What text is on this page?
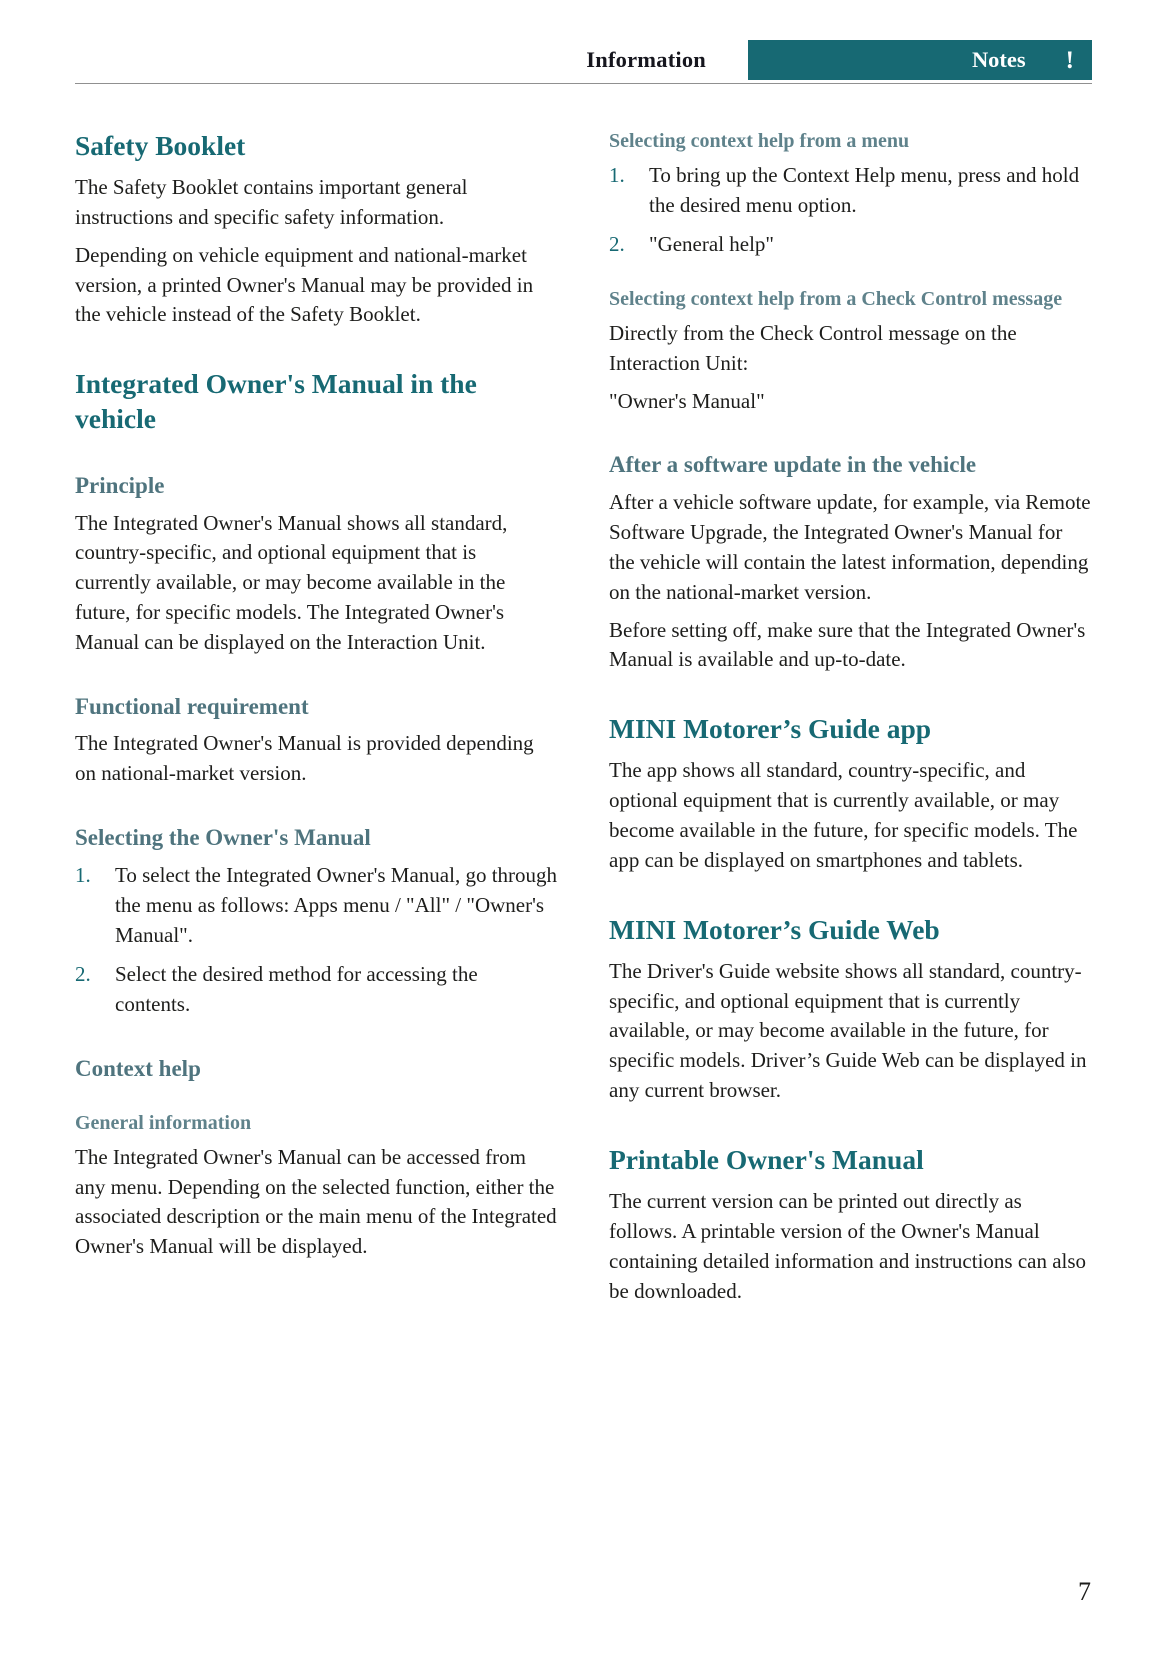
Information	Notes !
Safety Booklet

The Safety Booklet contains important general instructions and specific safety information.

Depending on vehicle equipment and national-market version, a printed Owner's Manual may be provided in the vehicle instead of the Safety Booklet.

Integrated Owner's Manual in the vehicle
Principle

The Integrated Owner's Manual shows all standard, country-specific, and optional equipment that is currently available, or may become available in the future, for specific models. The Integrated Owner's Manual can be displayed on the Interaction Unit.

Functional requirement

The Integrated Owner's Manual is provided depending on national-market version.

Selecting the Owner's Manual
1.	To select the Integrated Owner's Manual, go through the menu as follows: Apps menu / "All" / "Owner's Manual".
2.	Select the desired method for accessing the contents.
Context help
General information

The Integrated Owner's Manual can be accessed from any menu. Depending on the selected function, either the associated description or the main menu of the Integrated Owner's Manual will be displayed.

Selecting context help from a menu
1.	To bring up the Context Help menu, press and hold the desired menu option.
2.	"General help"
Selecting context help from a Check Control message

Directly from the Check Control message on the Interaction Unit:

"Owner's Manual"

After a software update in the vehicle

After a vehicle software update, for example, via Remote Software Upgrade, the Integrated Owner's Manual for the vehicle will contain the latest information, depending on the national-market version.

Before setting off, make sure that the Integrated Owner's Manual is available and up-to-date.

MINI Motorer’s Guide app

The app shows all standard, country-specific, and optional equipment that is currently available, or may become available in the future, for specific models. The app can be displayed on smartphones and tablets.

MINI Motorer’s Guide Web

The Driver's Guide website shows all standard, country-specific, and optional equipment that is currently available, or may become available in the future, for specific models. Driver’s Guide Web can be displayed in any current browser.

Printable Owner's Manual

The current version can be printed out directly as follows. A printable version of the Owner's Manual containing detailed information and instructions can also be downloaded.

7
